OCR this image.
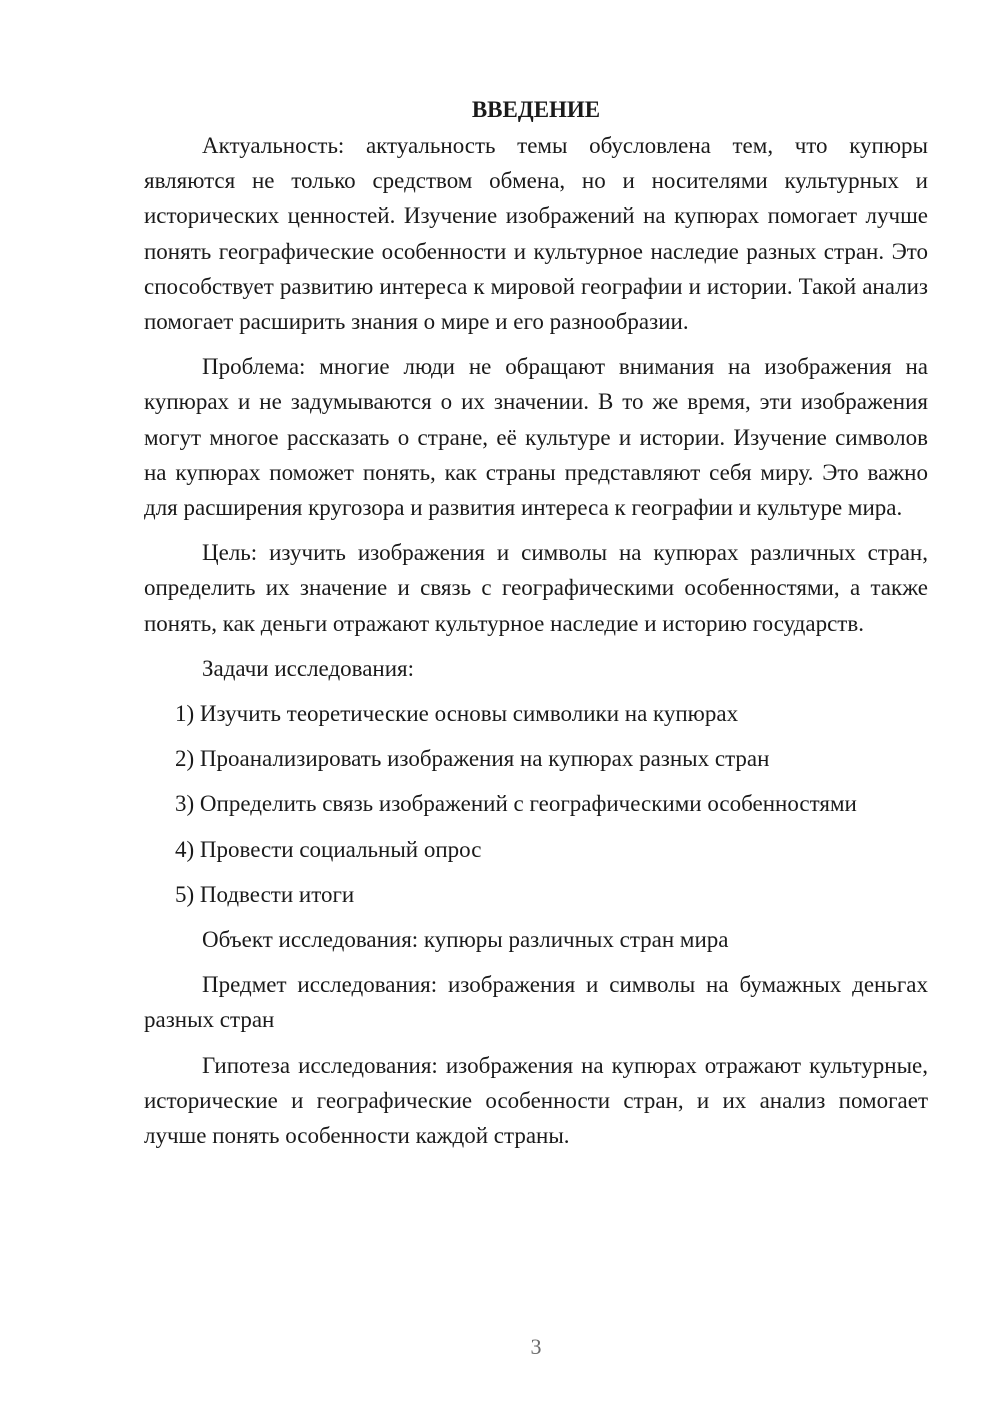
ВВЕДЕНИЕ

Актуальность: актуальность темы обусловлена тем, что купюры являются не только средством обмена, но и носителями культурных и исторических ценностей. Изучение изображений на купюрах помогает лучше понять географические особенности и культурное наследие разных стран. Это способствует развитию интереса к мировой географии и истории. Такой анализ помогает расширить знания о мире и его разнообразии.

Проблема: многие люди не обращают внимания на изображения на купюрах и не задумываются о их значении. В то же время, эти изображения могут многое рассказать о стране, её культуре и истории. Изучение символов на купюрах поможет понять, как страны представляют себя миру. Это важно для расширения кругозора и развития интереса к географии и культуре мира.

Цель: изучить изображения и символы на купюрах различных стран, определить их значение и связь с географическими особенностями, а также понять, как деньги отражают культурное наследие и историю государств.

Задачи исследования:

1) Изучить теоретические основы символики на купюрах
2) Проанализировать изображения на купюрах разных стран
3) Определить связь изображений с географическими особенностями
4) Провести социальный опрос
5) Подвести итоги

Объект исследования: купюры различных стран мира

Предмет исследования: изображения и символы на бумажных деньгах разных стран

Гипотеза исследования: изображения на купюрах отражают культурные, исторические и географические особенности стран, и их анализ помогает лучше понять особенности каждой страны.

3
